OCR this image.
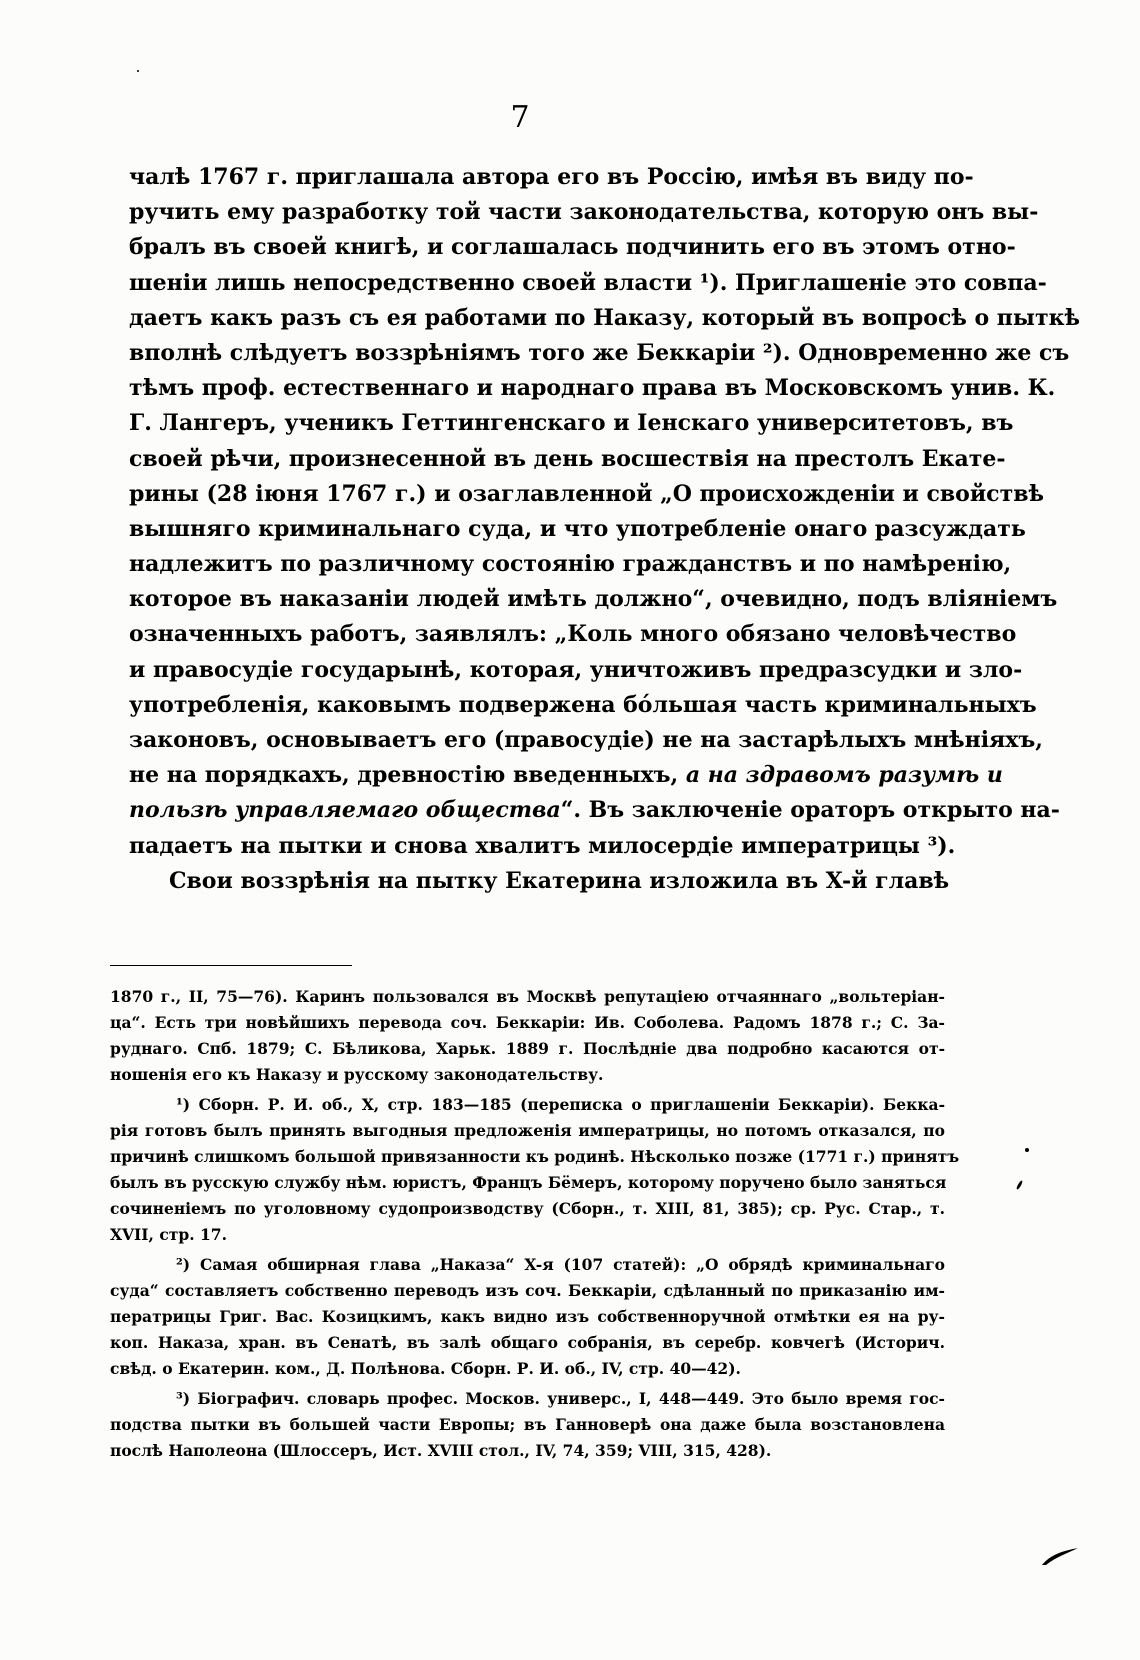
7
чалѣ 1767 г. приглашала автора его въ Россію, имѣя въ виду по-
ручить ему разработку той части законодательства, которую онъ вы-
бралъ въ своей книгѣ, и соглашалась подчинить его въ этомъ отно-
шеніи лишь непосредственно своей власти ¹). Приглашеніе это совпа-
даетъ какъ разъ съ ея работами по Наказу, который въ вопросѣ о пыткѣ
вполнѣ слѣдуетъ воззрѣніямъ того же Беккаріи ²). Одновременно же съ
тѣмъ проф. естественнаго и народнаго права въ Московскомъ унив. К.
Г. Лангеръ, ученикъ Геттингенскаго и Іенскаго университетовъ, въ
своей рѣчи, произнесенной въ день восшествія на престолъ Екате-
рины (28 іюня 1767 г.) и озаглавленной „О происхожденіи и свойствѣ
вышняго криминальнаго суда, и что употребленіе онаго разсуждать
надлежитъ по различному состоянію гражданствъ и по намѣренію,
которое въ наказаніи людей имѣть должно“, очевидно, подъ вліяніемъ
означенныхъ работъ, заявлялъ: „Коль много обязано человѣчество
и правосудіе государынѣ, которая, уничтоживъ предразсудки и зло-
употребленія, каковымъ подвержена бо́льшая часть криминальныхъ
законовъ, основываетъ его (правосудіе) не на застарѣлыхъ мнѣніяхъ,
не на порядкахъ, древностію введенныхъ, а на здравомъ разумѣ и
пользѣ управляемаго общества“. Въ заключеніе ораторъ открыто на-
падаетъ на пытки и снова хвалитъ милосердіе императрицы ³).
Свои воззрѣнія на пытку Екатерина изложила въ X-й главѣ
1870 г., II, 75—76). Каринъ пользовался въ Москвѣ репутаціею отчаяннаго „вольтеріан-
ца“. Есть три новѣйшихъ перевода соч. Беккаріи: Ив. Соболева. Радомъ 1878 г.; С. За-
руднаго. Спб. 1879; С. Бѣликова, Харьк. 1889 г. Послѣдніе два подробно касаются от-
ношенія его къ Наказу и русскому законодательству.
¹) Сборн. Р. И. об., X, стр. 183—185 (переписка о приглашеніи Беккаріи). Бекка-
рія готовъ былъ принять выгодныя предложенія императрицы, но потомъ отказался, по
причинѣ слишкомъ большой привязанности къ родинѣ. Нѣсколько позже (1771 г.) принятъ
былъ въ русскую службу нѣм. юристъ, Францъ Бёмеръ, которому поручено было заняться
сочиненіемъ по уголовному судопроизводству (Сборн., т. XIII, 81, 385); ср. Рус. Стар., т.
XVII, стр. 17.
²) Самая обширная глава „Наказа“ X-я (107 статей): „О обрядѣ криминальнаго
суда“ составляетъ собственно переводъ изъ соч. Беккаріи, сдѣланный по приказанію им-
ператрицы Григ. Вас. Козицкимъ, какъ видно изъ собственноручной отмѣтки ея на ру-
коп. Наказа, хран. въ Сенатѣ, въ залѣ общаго собранія, въ серебр. ковчегѣ (Историч.
свѣд. о Екатерин. ком., Д. Полѣнова. Сборн. Р. И. об., IV, стр. 40—42).
³) Біографич. словарь профес. Москов. универс., I, 448—449. Это было время гос-
подства пытки въ большей части Европы; въ Ганноверѣ она даже была возстановлена
послѣ Наполеона (Шлоссеръ, Ист. XVIII стол., IV, 74, 359; VIII, 315, 428).
